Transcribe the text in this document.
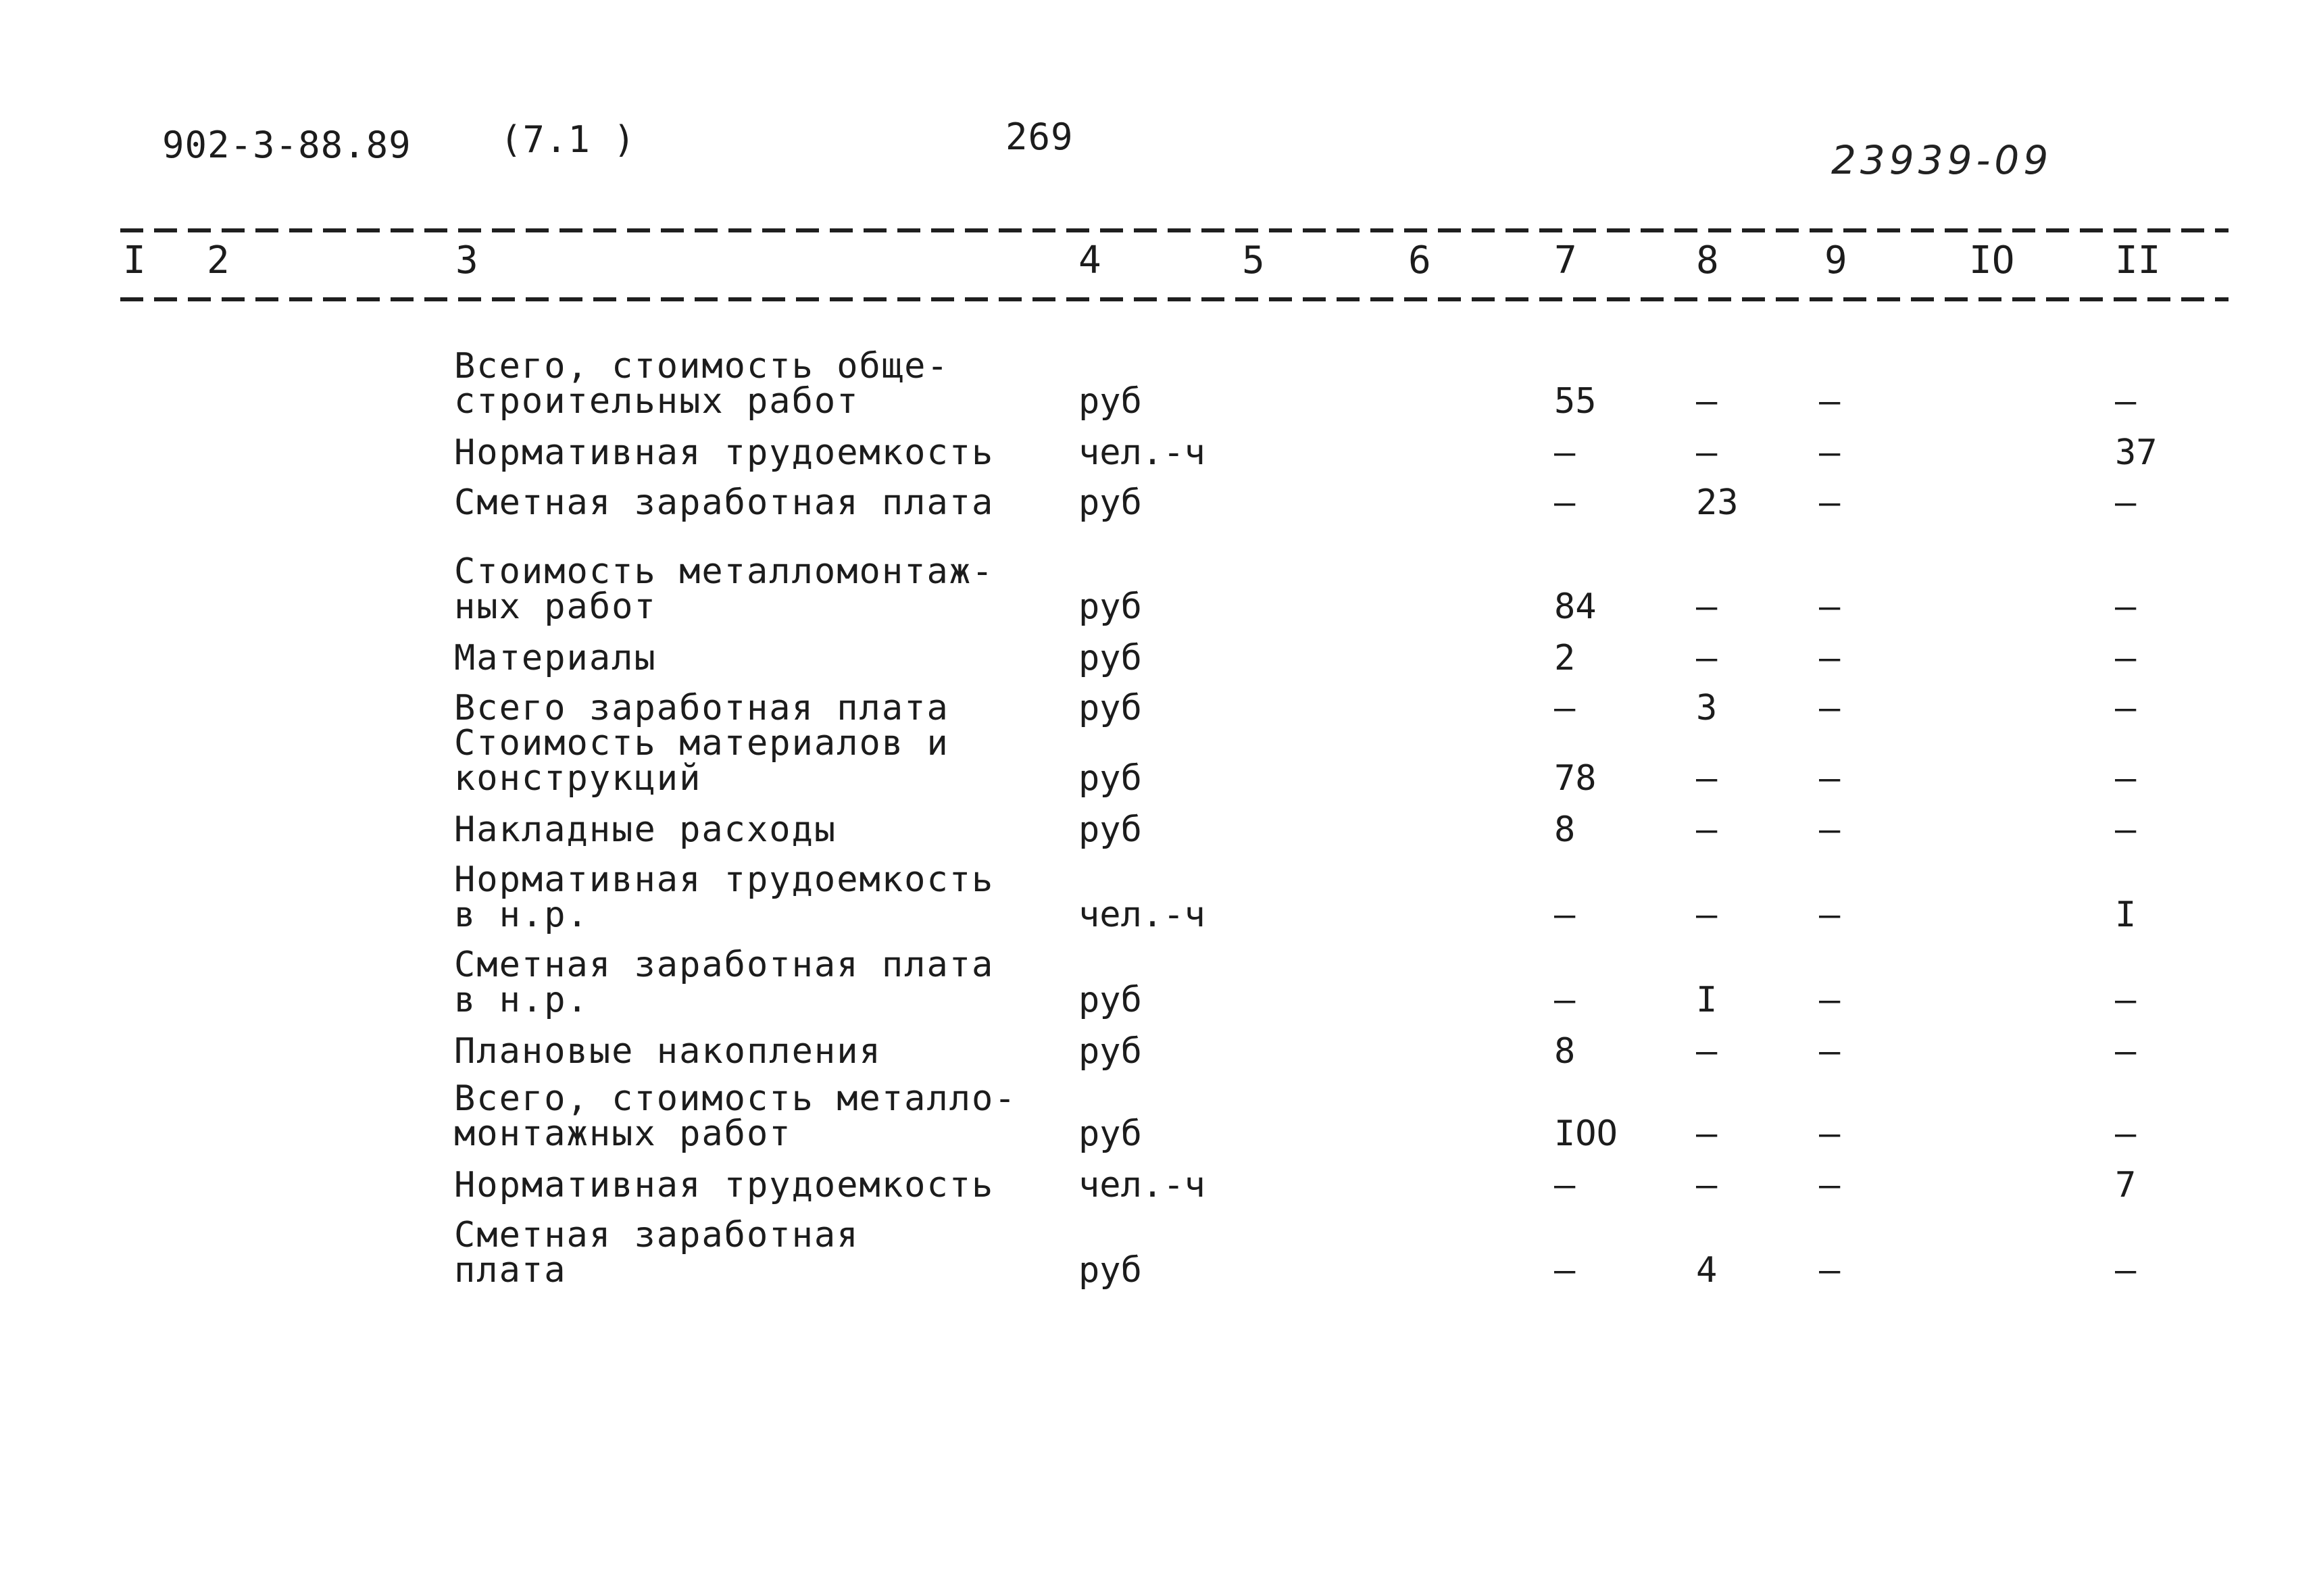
902-3-88.89 (7.1 )	269
23939-09
I 2	3	4	5	6	7	8	9	IO	II
Всего, стоимость обще-
строительных работ	руб	55	–	–	–
Нормативная трудоемкость чел.-ч	–	–	–	37
Сметная заработная плата руб	–	23 –	–
Стоимость металломонтаж-
ных работ	руб	84	–	–	–
Материалы	руб	2	–	–	–
Всего заработная плата	руб	–	3	–	–
Стоимость материалов и
конструкций	руб	78	–	–	–
Накладные расходы	руб	8	–	–	–
Нормативная трудоемкость
в н.р.	чел.-ч	–	–	–	I
Сметная заработная плата
в н.р.	руб	–	I	–	–
Плановые накопления	руб	8	–	–	–
Всего, стоимость металло-
монтажных работ	руб	IOO –	–	–
Нормативная трудоемкость чел.-ч	–	–	–	7
Сметная заработная
плата	руб	–	4	–	–
